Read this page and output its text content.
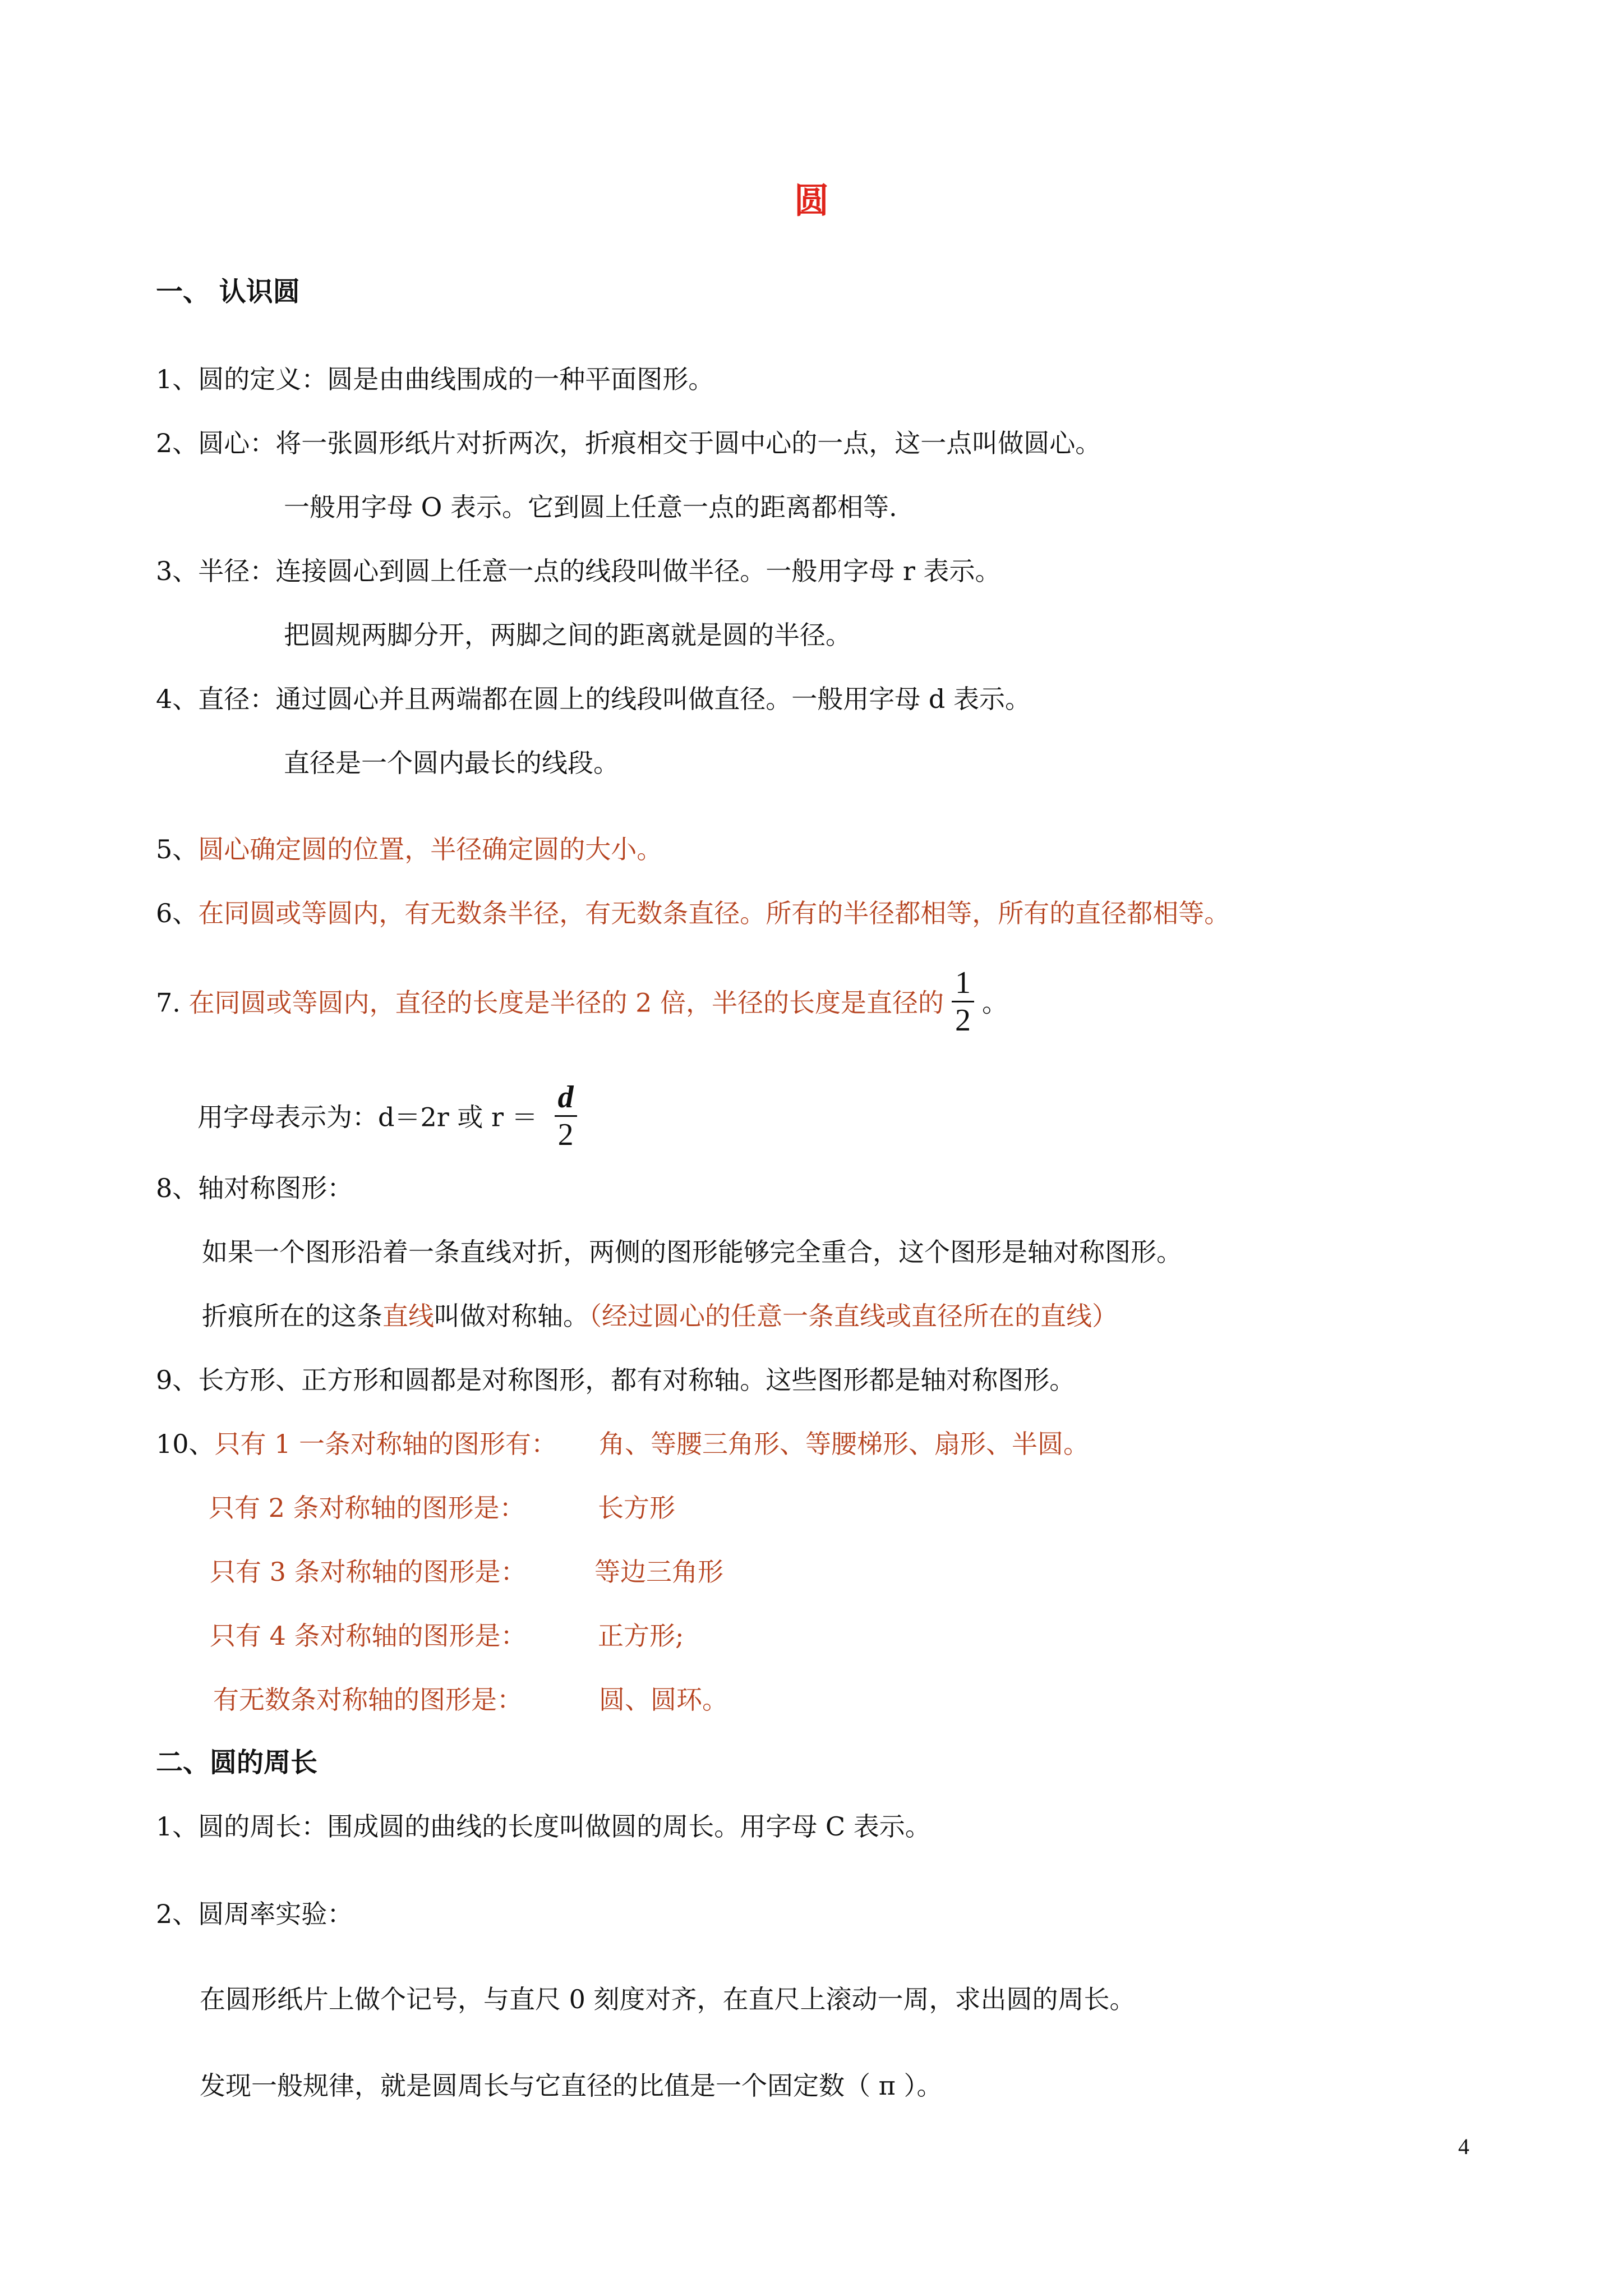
圆
一、 认识圆
1、圆的定义：圆是由曲线围成的一种平面图形。
2、圆心：将一张圆形纸片对折两次，折痕相交于圆中心的一点，这一点叫做圆心。
一般用字母 O 表示。它到圆上任意一点的距离都相等.
3、半径：连接圆心到圆上任意一点的线段叫做半径。一般用字母 r 表示。
把圆规两脚分开，两脚之间的距离就是圆的半径。
4、直径：通过圆心并且两端都在圆上的线段叫做直径。一般用字母 d 表示。
直径是一个圆内最长的线段。
5、圆心确定圆的位置，半径确定圆的大小。
6、在同圆或等圆内，有无数条半径，有无数条直径。所有的半径都相等，所有的直径都相等。
7. 在同圆或等圆内，直径的长度是半径的 2 倍，半径的长度是直径的 $\frac{1}{2}$ 。
用字母表示为：d＝2r 或 $r = \frac{d}{2}$
8、轴对称图形：
如果一个图形沿着一条直线对折，两侧的图形能够完全重合，这个图形是轴对称图形。
折痕所在的这条直线叫做对称轴。（经过圆心的任意一条直线或直径所在的直线）
9、长方形、正方形和圆都是对称图形，都有对称轴。这些图形都是轴对称图形。
10、只有 1 一条对称轴的图形有： 角、等腰三角形、等腰梯形、扇形、半圆。
只有 2 条对称轴的图形是：	长方形
只有 3 条对称轴的图形是：	等边三角形
只有 4 条对称轴的图形是：	正方形;
有无数条对称轴的图形是：	圆、圆环。
二、圆的周长
1、圆的周长：围成圆的曲线的长度叫做圆的周长。用字母 C 表示。
2、圆周率实验：
在圆形纸片上做个记号，与直尺 0 刻度对齐，在直尺上滚动一周，求出圆的周长。
发现一般规律，就是圆周长与它直径的比值是一个固定数（ π ）。
4
